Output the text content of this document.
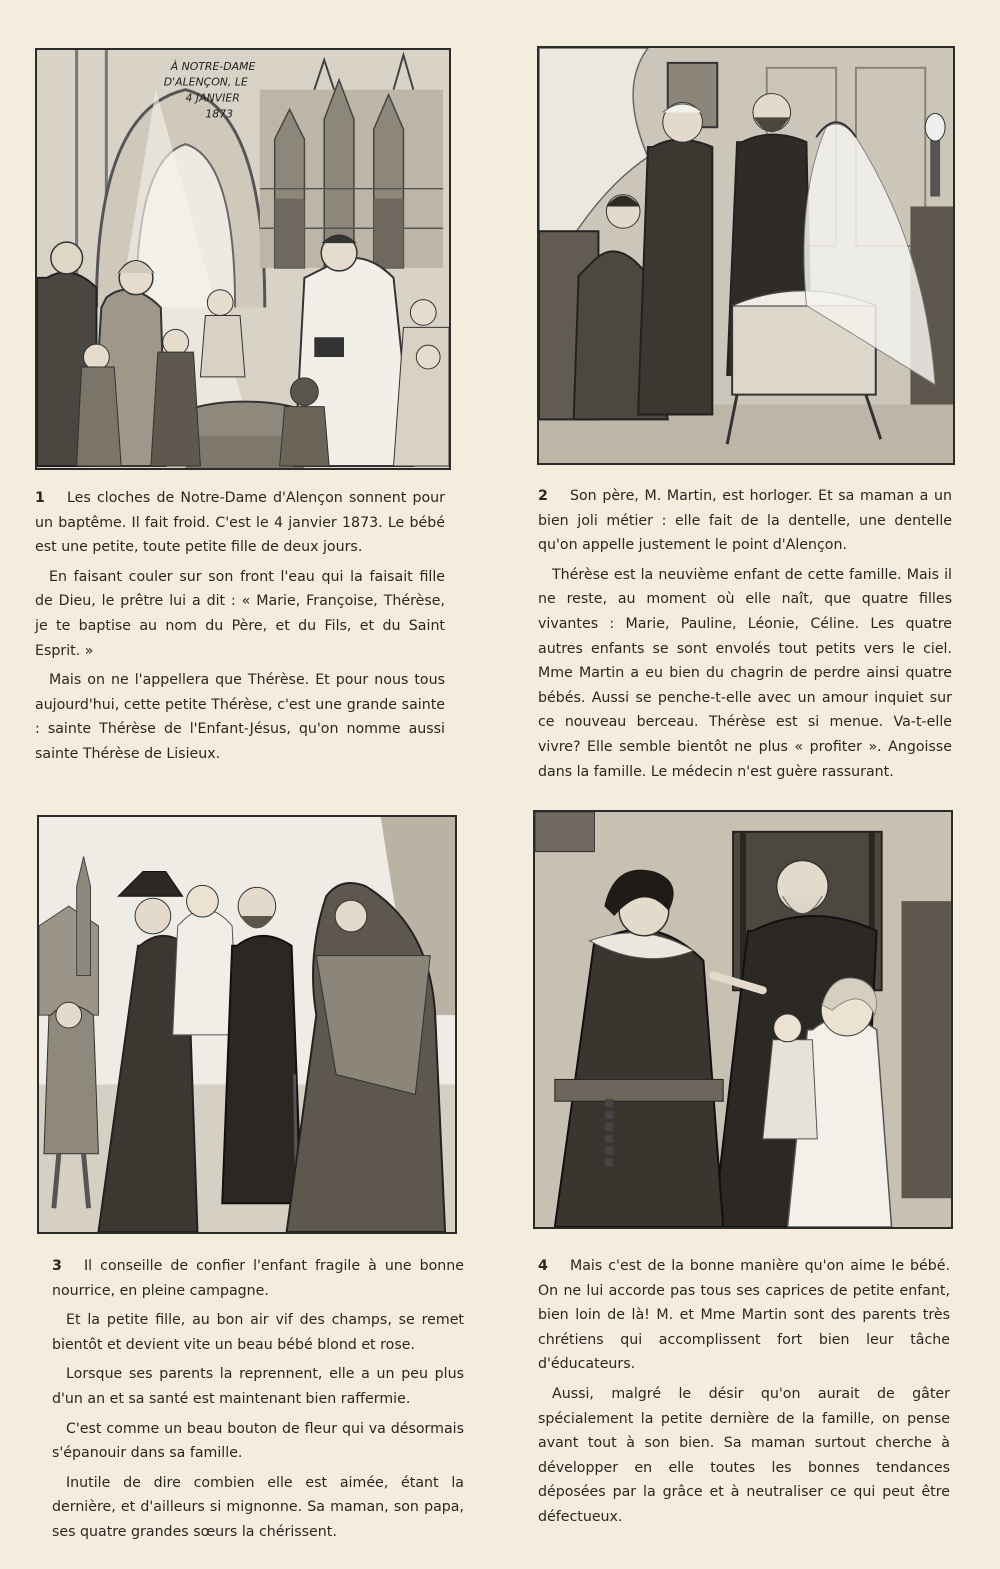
À NOTRE-DAME
D'ALENÇON, LE
4 JANVIER
1873

1 Les cloches de Notre-Dame d'Alençon sonnent pour un baptême. Il fait froid. C'est le 4 janvier 1873. Le bébé est une petite, toute petite fille de deux jours.

En faisant couler sur son front l'eau qui la faisait fille de Dieu, le prêtre lui a dit : « Marie, Françoise, Thérèse, je te baptise au nom du Père, et du Fils, et du Saint Esprit. »

Mais on ne l'appellera que Thérèse. Et pour nous tous aujourd'hui, cette petite Thérèse, c'est une grande sainte : sainte Thérèse de l'Enfant-Jésus, qu'on nomme aussi sainte Thérèse de Lisieux.

2 Son père, M. Martin, est horloger. Et sa maman a un bien joli métier : elle fait de la dentelle, une dentelle qu'on appelle justement le point d'Alençon.

Thérèse est la neuvième enfant de cette famille. Mais il ne reste, au moment où elle naît, que quatre filles vivantes : Marie, Pauline, Léonie, Céline. Les quatre autres enfants se sont envolés tout petits vers le ciel. Mme Martin a eu bien du chagrin de perdre ainsi quatre bébés. Aussi se penche-t-elle avec un amour inquiet sur ce nouveau berceau. Thérèse est si menue. Va-t-elle vivre? Elle semble bientôt ne plus « profiter ». Angoisse dans la famille. Le médecin n'est guère rassurant.

3 Il conseille de confier l'enfant fragile à une bonne nourrice, en pleine campagne.

Et la petite fille, au bon air vif des champs, se remet bientôt et devient vite un beau bébé blond et rose.

Lorsque ses parents la reprennent, elle a un peu plus d'un an et sa santé est maintenant bien raffermie.

C'est comme un beau bouton de fleur qui va désormais s'épanouir dans sa famille.

Inutile de dire combien elle est aimée, étant la dernière, et d'ailleurs si mignonne. Sa maman, son papa, ses quatre grandes sœurs la chérissent.

4 Mais c'est de la bonne manière qu'on aime le bébé. On ne lui accorde pas tous ses caprices de petite enfant, bien loin de là! M. et Mme Martin sont des parents très chrétiens qui accomplissent fort bien leur tâche d'éducateurs.

Aussi, malgré le désir qu'on aurait de gâter spécialement la petite dernière de la famille, on pense avant tout à son bien. Sa maman surtout cherche à développer en elle toutes les bonnes tendances déposées par la grâce et à neutraliser ce qui peut être défectueux.
